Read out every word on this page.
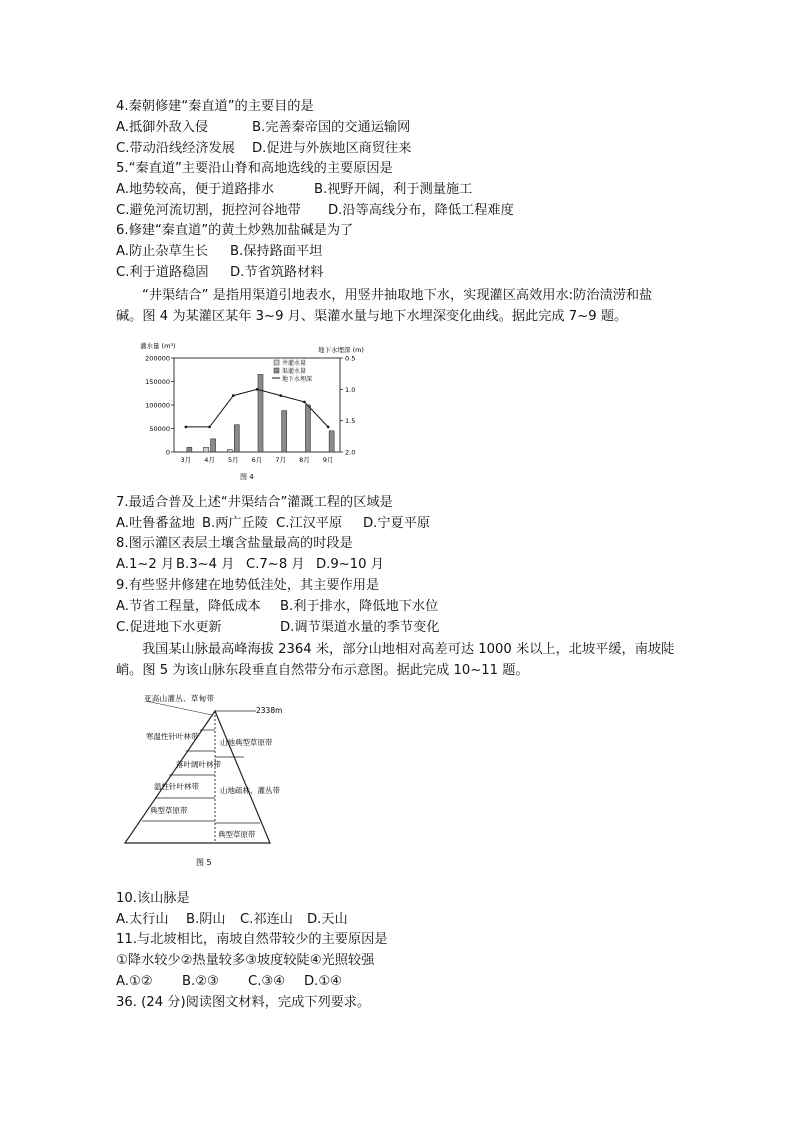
4.秦朝修建“秦直道”的主要目的是
A.抵御外敌入侵	B.完善秦帝国的交通运输网
C.带动沿线经济发展 D.促进与外族地区商贸往来
5.“秦直道”主要沿山脊和高地选线的主要原因是
A.地势较高，便于道路排水	B.视野开阔，利于测量施工
C.避免河流切割，扼控河谷地带 D.沿等高线分布，降低工程难度
6.修建“秦直道”的黄土炒熟加盐碱是为了
A.防止杂草生长 B.保持路面平坦
C.利于道路稳固 D.节省筑路材料
“井渠结合” 是指用渠道引地表水，用竖井抽取地下水，实现灌区高效用水:防治渍涝和盐碱。图 4 为某灌区某年 3~9 月、渠灌水量与地下水埋深变化曲线。据此完成 7~9 题。
灌水量 (m³)	地下水埋深 (m)
0
50000
100000
150000
200000	0.5
1.0
1.5
2.0
3月 4月 5月 6月 7月 8月 9月
井灌水量
渠灌水量
地下水埋深
图 4
7.最适合普及上述“井渠结合”灌溉工程的区域是
A.吐鲁番盆地 B.两广丘陵 C.江汉平原 D.宁夏平原
8.图示灌区表层土壤含盐量最高的时段是
A.1~2 月 B.3~4 月 C.7~8 月 D.9~10 月
9.有些竖井修建在地势低洼处，其主要作用是
A.节省工程量，降低成本 B.利于排水，降低地下水位
C.促进地下水更新	D.调节渠道水量的季节变化
我国某山脉最高峰海拔 2364 米，部分山地相对高差可达 1000 米以上，北坡平缓，南坡陡峭。图 5 为该山脉东段垂直自然带分布示意图。据此完成 10~11 题。
2338m
亚高山灌丛、草甸带
寒温性针叶林带
落叶阔叶林带
温性针叶林带
典型草原带
山地典型草原带
山地疏林、灌丛带
典型草原带
图 5
10.该山脉是
A.太行山 B.阴山 C.祁连山 D.天山
11.与北坡相比，南坡自然带较少的主要原因是
①降水较少②热量较多③坡度较陡④光照较强
A.①② B.②③ C.③④ D.①④
36. (24 分)阅读图文材料，完成下列要求。
